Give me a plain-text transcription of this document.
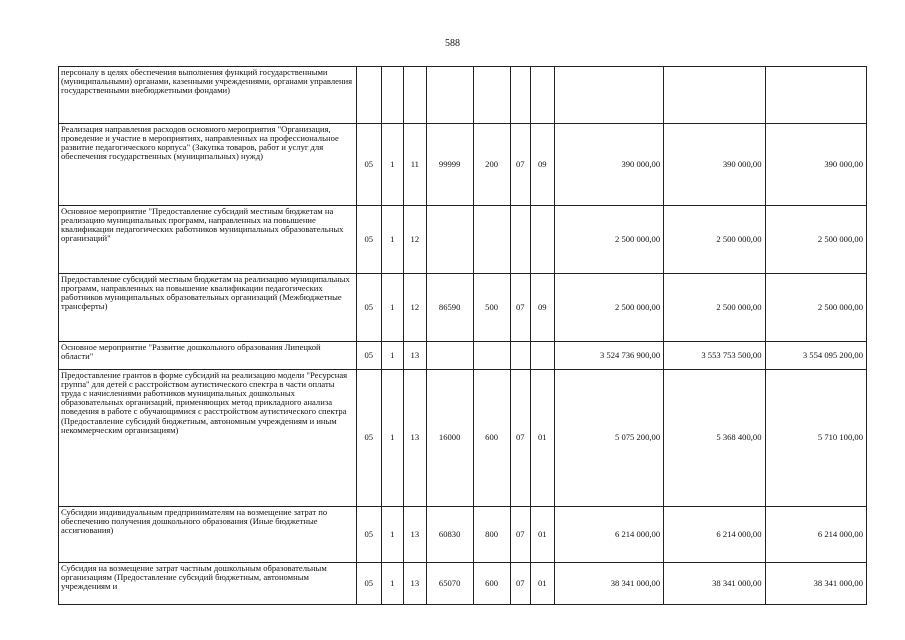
588
персоналу в целях обеспечения выполнения функций государственными (муниципальными) органами, казенными учреждениями, органами управления государственными внебюджетными фондами)										
Реализация направления расходов основного мероприятия "Организация, проведение и участие в мероприятиях, направленных на профессиональное развитие педагогического корпуса" (Закупка товаров, работ и услуг для обеспечения государственных (муниципальных) нужд)	05	1	11	99999	200	07	09	390 000,00	390 000,00	390 000,00
Основное мероприятие "Предоставление субсидий местным бюджетам на реализацию муниципальных программ, направленных на повышение квалификации педагогических работников муниципальных образовательных организаций"	05	1	12					2 500 000,00	2 500 000,00	2 500 000,00
Предоставление субсидий местным бюджетам на реализацию муниципальных программ, направленных на повышение квалификации педагогических работников муниципальных образовательных организаций (Межбюджетные трансферты)	05	1	12	86590	500	07	09	2 500 000,00	2 500 000,00	2 500 000,00
Основное мероприятие "Развитие дошкольного образования Липецкой области"	05	1	13					3 524 736 900,00	3 553 753 500,00	3 554 095 200,00
Предоставление грантов в форме субсидий на реализацию модели "Ресурсная группа" для детей с расстройством аутистического спектра в части оплаты труда с начислениями работников муниципальных дошкольных образовательных организаций, применяющих метод прикладного анализа поведения в работе с обучающимися с расстройством аутистического спектра (Предоставление субсидий бюджетным, автономным учреждениям и иным некоммерческим организациям)	05	1	13	16000	600	07	01	5 075 200,00	5 368 400,00	5 710 100,00
Субсидии индивидуальным предпринимателям на возмещение затрат по обеспечению получения дошкольного образования (Иные бюджетные ассигнования)	05	1	13	60830	800	07	01	6 214 000,00	6 214 000,00	6 214 000,00
Субсидия на возмещение затрат частным дошкольным образовательным организациям (Предоставление субсидий бюджетным, автономным учреждениям и	05	1	13	65070	600	07	01	38 341 000,00	38 341 000,00	38 341 000,00
